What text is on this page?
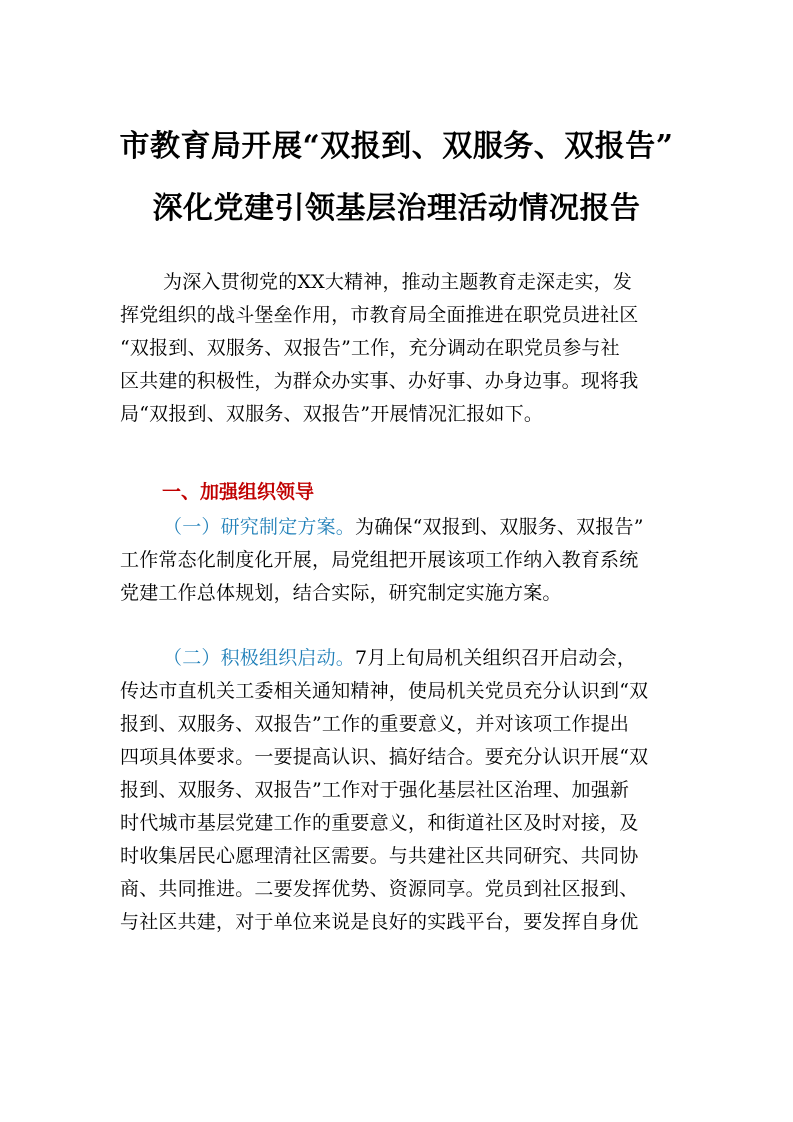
市教育局开展“双报到、双服务、双报告”
深化党建引领基层治理活动情况报告
为深入贯彻党的XX大精神，推动主题教育走深走实，发
挥党组织的战斗堡垒作用，市教育局全面推进在职党员进社区
“双报到、双服务、双报告”工作，充分调动在职党员参与社
区共建的积极性，为群众办实事、办好事、办身边事。现将我
局“双报到、双服务、双报告”开展情况汇报如下。
一、加强组织领导
（一）研究制定方案。为确保“双报到、双服务、双报告”
工作常态化制度化开展，局党组把开展该项工作纳入教育系统
党建工作总体规划，结合实际，研究制定实施方案。
（二）积极组织启动。7月上旬局机关组织召开启动会，
传达市直机关工委相关通知精神，使局机关党员充分认识到“双
报到、双服务、双报告”工作的重要意义，并对该项工作提出
四项具体要求。一要提高认识、搞好结合。要充分认识开展“双
报到、双服务、双报告”工作对于强化基层社区治理、加强新
时代城市基层党建工作的重要意义，和街道社区及时对接，及
时收集居民心愿理清社区需要。与共建社区共同研究、共同协
商、共同推进。二要发挥优势、资源同享。党员到社区报到、
与社区共建，对于单位来说是良好的实践平台，要发挥自身优
